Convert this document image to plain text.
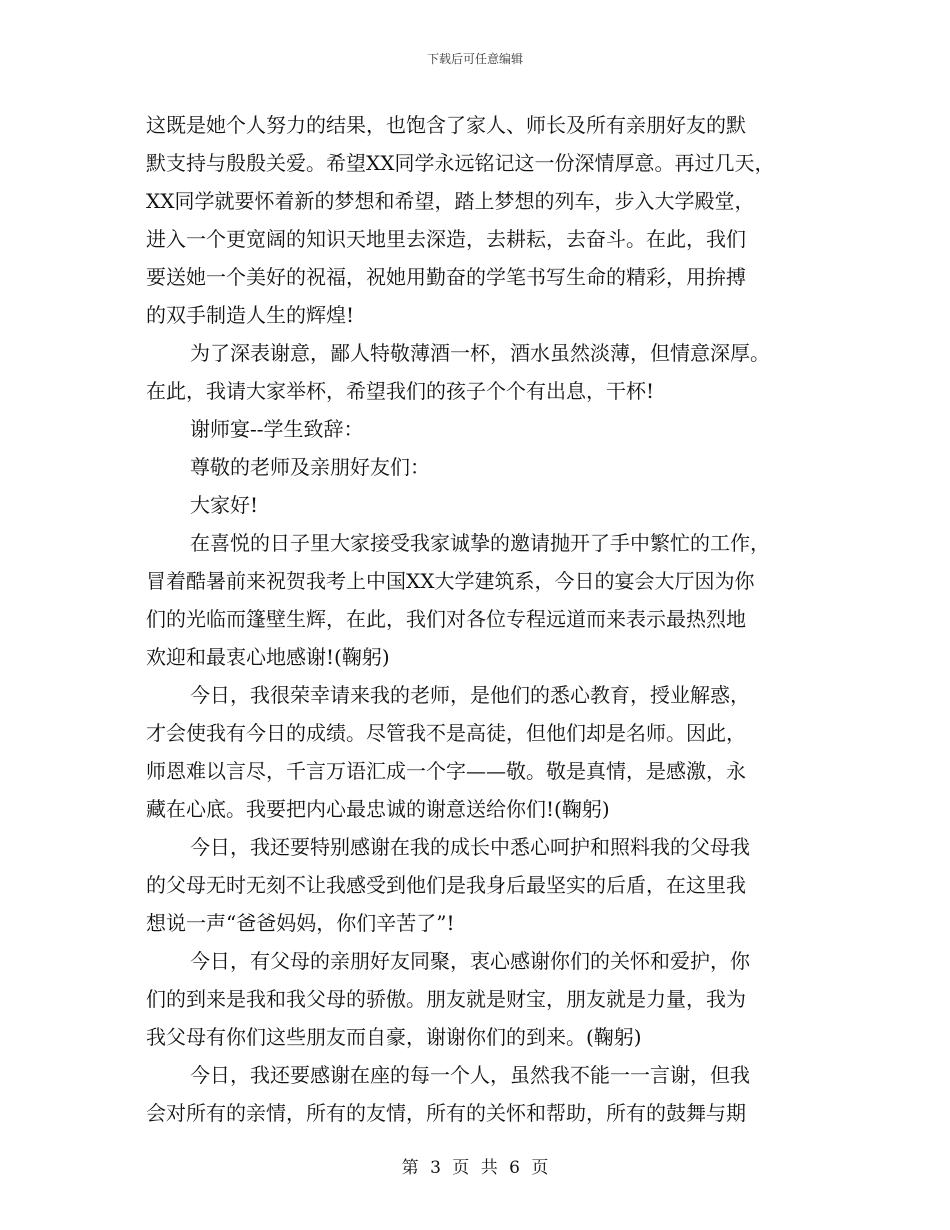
下载后可任意编辑
这既是她个人努力的结果，也饱含了家人、师长及所有亲朋好友的默
默支持与殷殷关爱。希望XX同学永远铭记这一份深情厚意。再过几天，
XX同学就要怀着新的梦想和希望，踏上梦想的列车，步入大学殿堂，
进入一个更宽阔的知识天地里去深造，去耕耘，去奋斗。在此，我们
要送她一个美好的祝福，祝她用勤奋的学笔书写生命的精彩，用拚搏
的双手制造人生的辉煌!
为了深表谢意，鄙人特敬薄酒一杯，酒水虽然淡薄，但情意深厚。
在此，我请大家举杯，希望我们的孩子个个有出息，干杯!
谢师宴--学生致辞：
尊敬的老师及亲朋好友们：
大家好!
在喜悦的日子里大家接受我家诚挚的邀请抛开了手中繁忙的工作，
冒着酷暑前来祝贺我考上中国XX大学建筑系，今日的宴会大厅因为你
们的光临而篷壁生辉，在此，我们对各位专程远道而来表示最热烈地
欢迎和最衷心地感谢!(鞠躬)
今日，我很荣幸请来我的老师，是他们的悉心教育，授业解惑，
才会使我有今日的成绩。尽管我不是高徒，但他们却是名师。因此，
师恩难以言尽，千言万语汇成一个字——敬。敬是真情，是感激，永
藏在心底。我要把内心最忠诚的谢意送给你们!(鞠躬)
今日，我还要特别感谢在我的成长中悉心呵护和照料我的父母我
的父母无时无刻不让我感受到他们是我身后最坚实的后盾，在这里我
想说一声“爸爸妈妈，你们辛苦了”!
今日，有父母的亲朋好友同聚，衷心感谢你们的关怀和爱护，你
们的到来是我和我父母的骄傲。朋友就是财宝，朋友就是力量，我为
我父母有你们这些朋友而自豪，谢谢你们的到来。(鞠躬)
今日，我还要感谢在座的每一个人，虽然我不能一一言谢，但我
会对所有的亲情，所有的友情，所有的关怀和帮助，所有的鼓舞与期
第 3 页 共 6 页
